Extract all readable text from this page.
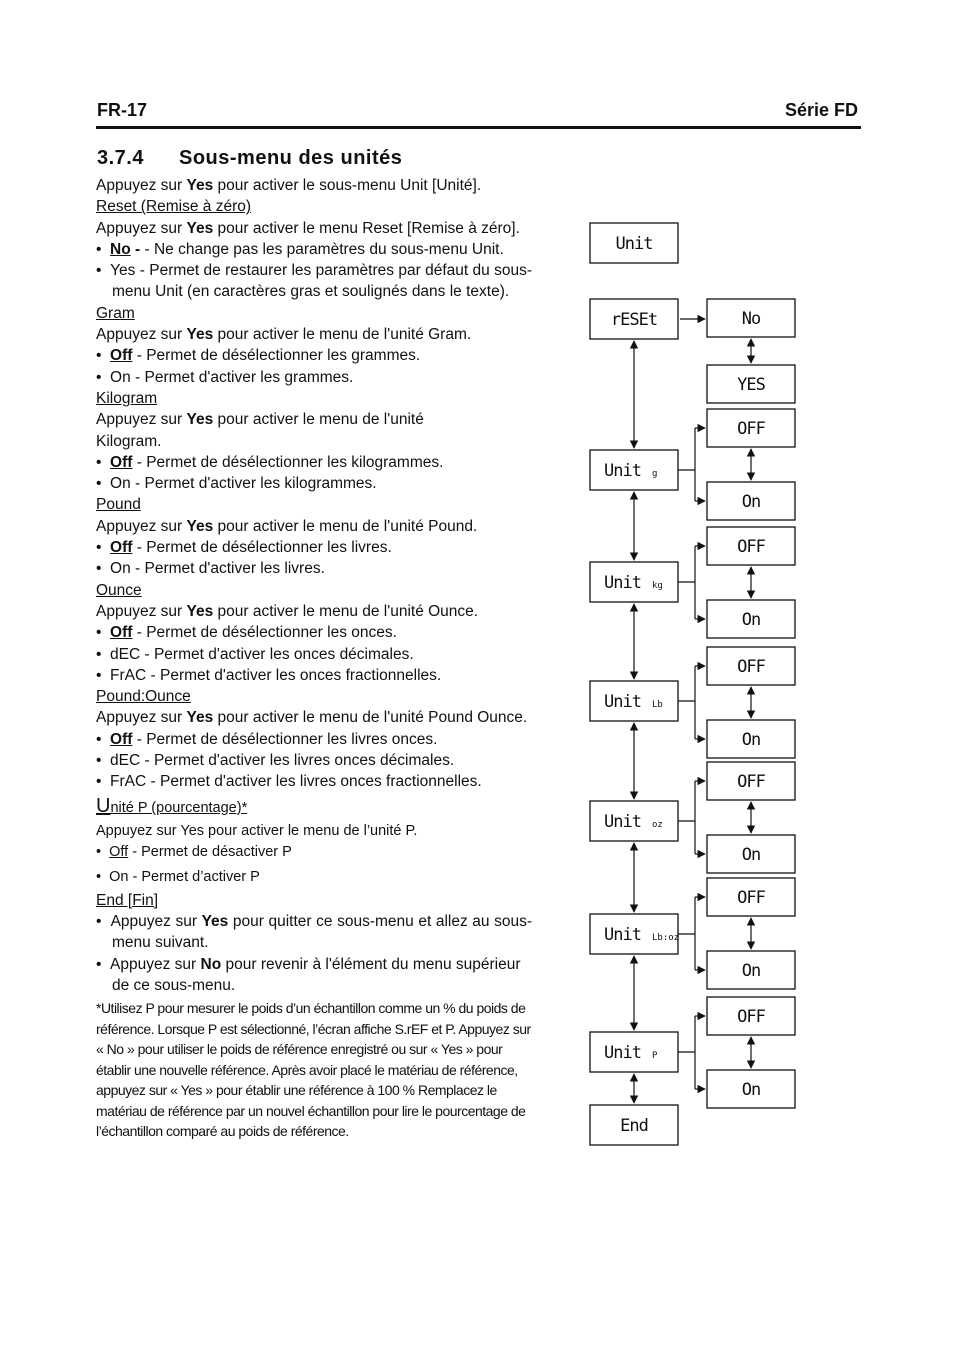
FR-17	Série FD
3.7.4 Sous-menu des unités

Appuyez sur Yes pour activer le sous-menu Unit [Unité].

Reset (Remise à zéro)

Appuyez sur Yes pour activer le menu Reset [Remise à zéro].

•  No - - Ne change pas les paramètres du sous-menu Unit.

•  Yes - Permet de restaurer les paramètres par défaut du sous-menu Unit (en caractères gras et soulignés dans le texte).

Gram

Appuyez sur Yes pour activer le menu de l'unité Gram.

•  Off - Permet de désélectionner les grammes.

•  On - Permet d'activer les grammes.

Kilogram

Appuyez sur Yes pour activer le menu de l'unité Kilogram.

•  Off - Permet de désélectionner les kilogrammes.

•  On - Permet d'activer les kilogrammes.

Pound

Appuyez sur Yes pour activer le menu de l'unité Pound.

•  Off - Permet de désélectionner les livres.

•  On - Permet d'activer les livres.

Ounce

Appuyez sur Yes pour activer le menu de l'unité Ounce.

•  Off - Permet de désélectionner les onces.

•  dEC - Permet d'activer les onces décimales.

•  FrAC - Permet d'activer les onces fractionnelles.

Pound:Ounce

Appuyez sur Yes pour activer le menu de l'unité Pound Ounce.

•  Off - Permet de désélectionner les livres onces.

•  dEC - Permet d'activer les livres onces décimales.

•  FrAC - Permet d'activer les livres onces fractionnelles.

Unité P (pourcentage)*

Appuyez sur Yes pour activer le menu de l’unité P.

•  Off - Permet de désactiver P

•  On - Permet d’activer P

End [Fin]

•  Appuyez sur Yes pour quitter ce sous-menu et allez au sous-menu suivant.

•  Appuyez sur No pour revenir à l'élément du menu supérieur de ce sous-menu.

*Utilisez P pour mesurer le poids d’un échantillon comme un % du poids de référence. Lorsque P est sélectionné, l’écran affiche S.rEF et P. Appuyez sur « No » pour utiliser le poids de référence enregistré ou sur « Yes » pour établir une nouvelle référence. Après avoir placé le matériau de référence, appuyez sur « Yes » pour établir une référence à 100 % Remplacez le matériau de référence par un nouvel échantillon pour lire le pourcentage de l’échantillon comparé au poids de référence.

Unit
rESEt
Unit g
Unit kg
Unit Lb
Unit oz
Unit Lb:oz
Unit P
End
No
YES
OFF
On
OFF
On
OFF
On
OFF
On
OFF
On
OFF
On
